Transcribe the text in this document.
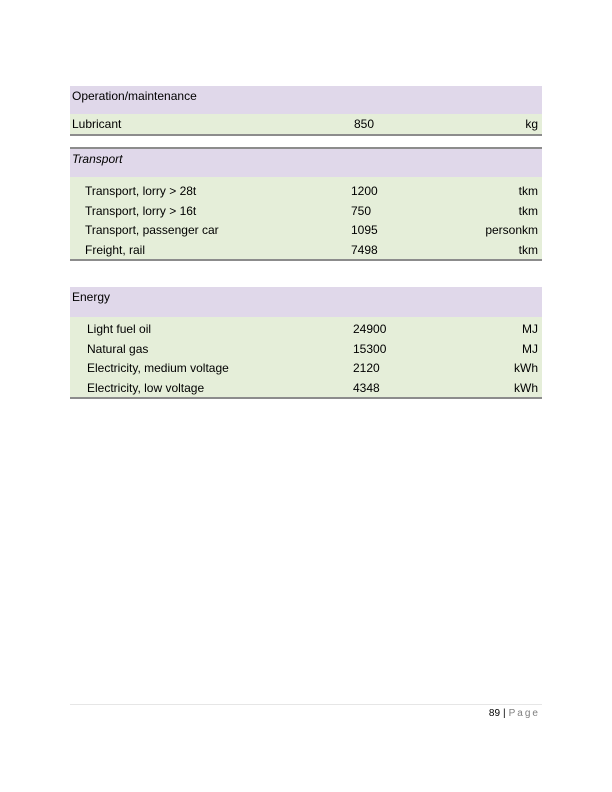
Operation/maintenance
Lubricant	850	kg
Transport
Transport, lorry > 28t	1200	tkm
Transport, lorry > 16t	750	tkm
Transport, passenger car	1095	personkm
Freight, rail	7498	tkm
Energy
Light fuel oil	24900	MJ
Natural gas	15300	MJ
Electricity, medium voltage	2120	kWh
Electricity, low voltage	4348	kWh
89 | Page
